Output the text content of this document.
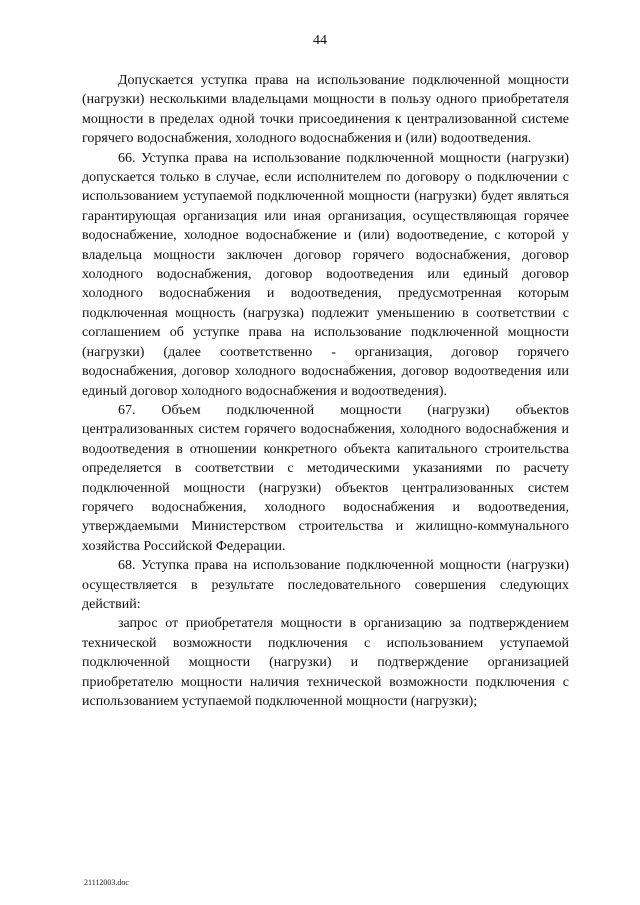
44

Допускается уступка права на использование подключенной мощности (нагрузки) несколькими владельцами мощности в пользу одного приобретателя мощности в пределах одной точки присоединения к централизованной системе горячего водоснабжения, холодного водоснабжения и (или) водоотведения.

66. Уступка права на использование подключенной мощности (нагрузки) допускается только в случае, если исполнителем по договору о подключении с использованием уступаемой подключенной мощности (нагрузки) будет являться гарантирующая организация или иная организация, осуществляющая горячее водоснабжение, холодное водоснабжение и (или) водоотведение, с которой у владельца мощности заключен договор горячего водоснабжения, договор холодного водоснабжения, договор водоотведения или единый договор холодного водоснабжения и водоотведения, предусмотренная которым подключенная мощность (нагрузка) подлежит уменьшению в соответствии с соглашением об уступке права на использование подключенной мощности (нагрузки) (далее соответственно - организация, договор горячего водоснабжения, договор холодного водоснабжения, договор водоотведения или единый договор холодного водоснабжения и водоотведения).

67. Объем подключенной мощности (нагрузки) объектов централизованных систем горячего водоснабжения, холодного водоснабжения и водоотведения в отношении конкретного объекта капитального строительства определяется в соответствии с методическими указаниями по расчету подключенной мощности (нагрузки) объектов централизованных систем горячего водоснабжения, холодного водоснабжения и водоотведения, утверждаемыми Министерством строительства и жилищно-коммунального хозяйства Российской Федерации.

68. Уступка права на использование подключенной мощности (нагрузки) осуществляется в результате последовательного совершения следующих действий:

запрос от приобретателя мощности в организацию за подтверждением технической возможности подключения с использованием уступаемой подключенной мощности (нагрузки) и подтверждение организацией приобретателю мощности наличия технической возможности подключения с использованием уступаемой подключенной мощности (нагрузки);

21112003.doc
